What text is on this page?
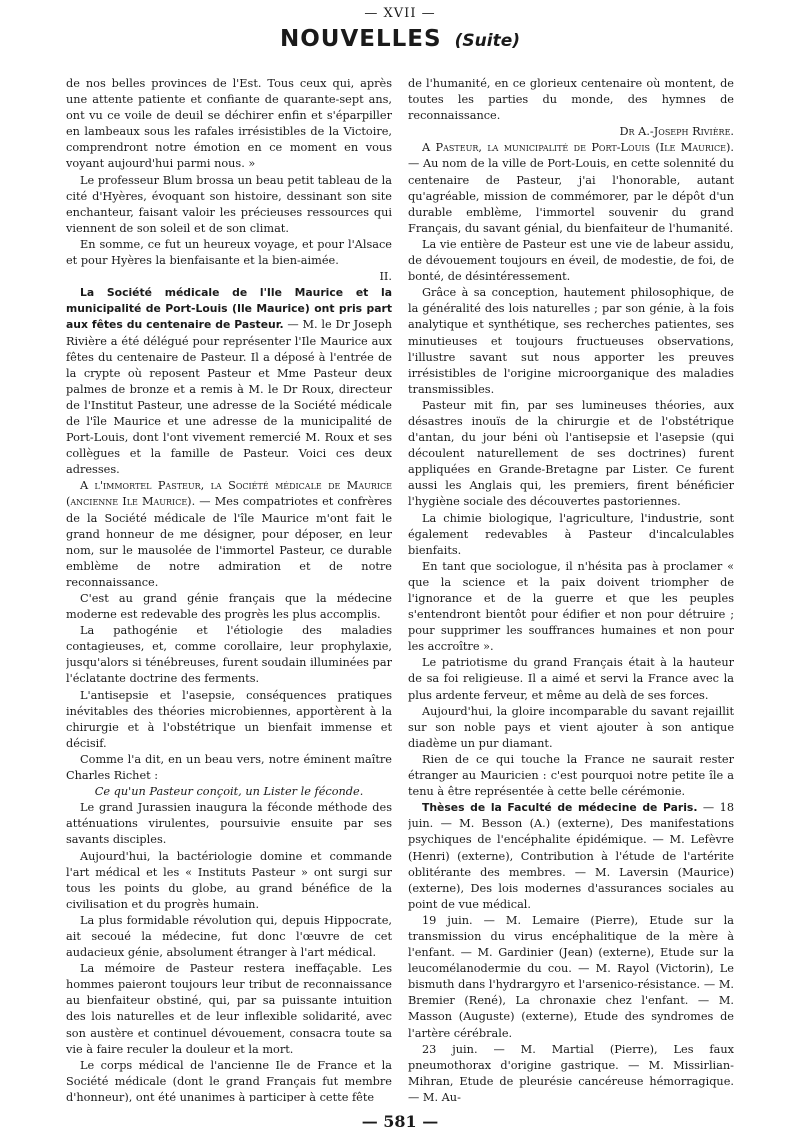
— XVII —
NOUVELLES (Suite)

de nos belles provinces de l'Est. Tous ceux qui, après une attente patiente et confiante de quarante-sept ans, ont vu ce voile de deuil se déchirer enfin et s'éparpiller en lambeaux sous les rafales irrésistibles de la Victoire, comprendront notre émotion en ce moment en vous voyant aujourd'hui parmi nous. »

Le professeur Blum brossa un beau petit tableau de la cité d'Hyères, évoquant son histoire, dessinant son site enchanteur, faisant valoir les précieuses ressources qui viennent de son soleil et de son climat.

En somme, ce fut un heureux voyage, et pour l'Alsace et pour Hyères la bienfaisante et la bien-aimée.

II.

La Société médicale de l'Ile Maurice et la municipalité de Port-Louis (Ile Maurice) ont pris part aux fêtes du centenaire de Pasteur. — M. le Dr Joseph Rivière a été délégué pour représenter l'Ile Maurice aux fêtes du centenaire de Pasteur. Il a déposé à l'entrée de la crypte où reposent Pasteur et Mme Pasteur deux palmes de bronze et a remis à M. le Dr Roux, directeur de l'Institut Pasteur, une adresse de la Société médicale de l'île Maurice et une adresse de la municipalité de Port-Louis, dont l'ont vivement remercié M. Roux et ses collègues et la famille de Pasteur. Voici ces deux adresses.

A l'immortel Pasteur, la Société médicale de Maurice (ancienne Ile Maurice). — Mes compatriotes et confrères de la Société médicale de l'île Maurice m'ont fait le grand honneur de me désigner, pour déposer, en leur nom, sur le mausolée de l'immortel Pasteur, ce durable emblème de notre admiration et de notre reconnaissance.

C'est au grand génie français que la médecine moderne est redevable des progrès les plus accomplis.

La pathogénie et l'étiologie des maladies contagieuses, et, comme corollaire, leur prophylaxie, jusqu'alors si ténébreuses, furent soudain illuminées par l'éclatante doctrine des ferments.

L'antisepsie et l'asepsie, conséquences pratiques inévitables des théories microbiennes, apportèrent à la chirurgie et à l'obstétrique un bienfait immense et décisif.

Comme l'a dit, en un beau vers, notre éminent maître Charles Richet :

Ce qu'un Pasteur conçoit, un Lister le féconde.

Le grand Jurassien inaugura la féconde méthode des atténuations virulentes, poursuivie ensuite par ses savants disciples.

Aujourd'hui, la bactériologie domine et commande l'art médical et les « Instituts Pasteur » ont surgi sur tous les points du globe, au grand bénéfice de la civilisation et du progrès humain.

La plus formidable révolution qui, depuis Hippocrate, ait secoué la médecine, fut donc l'œuvre de cet audacieux génie, absolument étranger à l'art médical.

La mémoire de Pasteur restera ineffaçable. Les hommes paieront toujours leur tribut de reconnaissance au bienfaiteur obstiné, qui, par sa puissante intuition des lois naturelles et de leur inflexible solidarité, avec son austère et continuel dévouement, consacra toute sa vie à faire reculer la douleur et la mort.

Le corps médical de l'ancienne Ile de France et la Société médicale (dont le grand Français fut membre d'honneur), ont été unanimes à participer à cette fête

de l'humanité, en ce glorieux centenaire où montent, de toutes les parties du monde, des hymnes de reconnaissance.

Dr A.-Joseph Rivière.

A Pasteur, la municipalité de Port-Louis (Ile Maurice). — Au nom de la ville de Port-Louis, en cette solennité du centenaire de Pasteur, j'ai l'honorable, autant qu'agréable, mission de commémorer, par le dépôt d'un durable emblème, l'immortel souvenir du grand Français, du savant génial, du bienfaiteur de l'humanité.

La vie entière de Pasteur est une vie de labeur assidu, de dévouement toujours en éveil, de modestie, de foi, de bonté, de désintéressement.

Grâce à sa conception, hautement philosophique, de la généralité des lois naturelles ; par son génie, à la fois analytique et synthétique, ses recherches patientes, ses minutieuses et toujours fructueuses observations, l'illustre savant sut nous apporter les preuves irrésistibles de l'origine microorganique des maladies transmissibles.

Pasteur mit fin, par ses lumineuses théories, aux désastres inouïs de la chirurgie et de l'obstétrique d'antan, du jour béni où l'antisepsie et l'asepsie (qui découlent naturellement de ses doctrines) furent appliquées en Grande-Bretagne par Lister. Ce furent aussi les Anglais qui, les premiers, firent bénéficier l'hygiène sociale des découvertes pastoriennes.

La chimie biologique, l'agriculture, l'industrie, sont également redevables à Pasteur d'incalculables bienfaits.

En tant que sociologue, il n'hésita pas à proclamer « que la science et la paix doivent triompher de l'ignorance et de la guerre et que les peuples s'entendront bientôt pour édifier et non pour détruire ; pour supprimer les souffrances humaines et non pour les accroître ».

Le patriotisme du grand Français était à la hauteur de sa foi religieuse. Il a aimé et servi la France avec la plus ardente ferveur, et même au delà de ses forces.

Aujourd'hui, la gloire incomparable du savant rejaillit sur son noble pays et vient ajouter à son antique diadème un pur diamant.

Rien de ce qui touche la France ne saurait rester étranger au Mauricien : c'est pourquoi notre petite île a tenu à être représentée à cette belle cérémonie.

Thèses de la Faculté de médecine de Paris. — 18 juin. — M. Besson (A.) (externe), Des manifestations psychiques de l'encéphalite épidémique. — M. Lefèvre (Henri) (externe), Contribution à l'étude de l'artérite oblitérante des membres. — M. Laversin (Maurice) (externe), Des lois modernes d'assurances sociales au point de vue médical.

19 juin. — M. Lemaire (Pierre), Etude sur la transmission du virus encéphalitique de la mère à l'enfant. — M. Gardinier (Jean) (externe), Etude sur la leucomélanodermie du cou. — M. Rayol (Victorin), Le bismuth dans l'hydrargyro et l'arsenico-résistance. — M. Bremier (René), La chronaxie chez l'enfant. — M. Masson (Auguste) (externe), Etude des syndromes de l'artère cérébrale.

23 juin. — M. Martial (Pierre), Les faux pneumothorax d'origine gastrique. — M. Missirlian-Mihran, Etude de pleurésie cancéreuse hémorragique. — M. Au-

— 581 —
